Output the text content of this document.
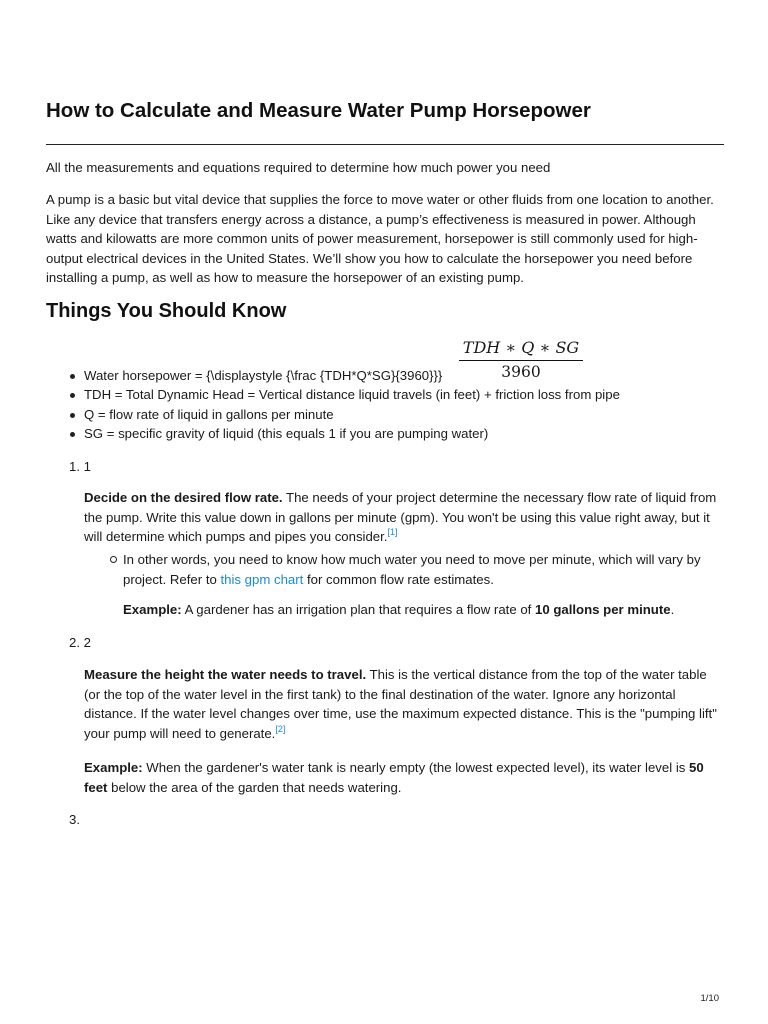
How to Calculate and Measure Water Pump Horsepower

All the measurements and equations required to determine how much power you need

A pump is a basic but vital device that supplies the force to move water or other fluids from one location to another. Like any device that transfers energy across a distance, a pump’s effectiveness is measured in power. Although watts and kilowatts are more common units of power measurement, horsepower is still commonly used for high-output electrical devices in the United States. We’ll show you how to calculate the horsepower you need before installing a pump, as well as how to measure the horsepower of an existing pump.

Things You Should Know
TDH ∗ Q ∗ SG
3960
Water horsepower = {\displaystyle {\frac {TDH*Q*SG}{3960}}}
TDH = Total Dynamic Head = Vertical distance liquid travels (in feet) + friction loss from pipe
Q = flow rate of liquid in gallons per minute
SG = specific gravity of liquid (this equals 1 if you are pumping water)
1. 1

Decide on the desired flow rate. The needs of your project determine the necessary flow rate of liquid from the pump. Write this value down in gallons per minute (gpm). You won't be using this value right away, but it will determine which pumps and pipes you consider.[1]

In other words, you need to know how much water you need to move per minute, which will vary by project. Refer to this gpm chart for common flow rate estimates.

Example: A gardener has an irrigation plan that requires a flow rate of 10 gallons per minute.

2. 2

Measure the height the water needs to travel. This is the vertical distance from the top of the water table (or the top of the water level in the first tank) to the final destination of the water. Ignore any horizontal distance. If the water level changes over time, use the maximum expected distance. This is the "pumping lift" your pump will need to generate.[2]

Example: When the gardener's water tank is nearly empty (the lowest expected level), its water level is 50 feet below the area of the garden that needs watering.

3.
1/10
